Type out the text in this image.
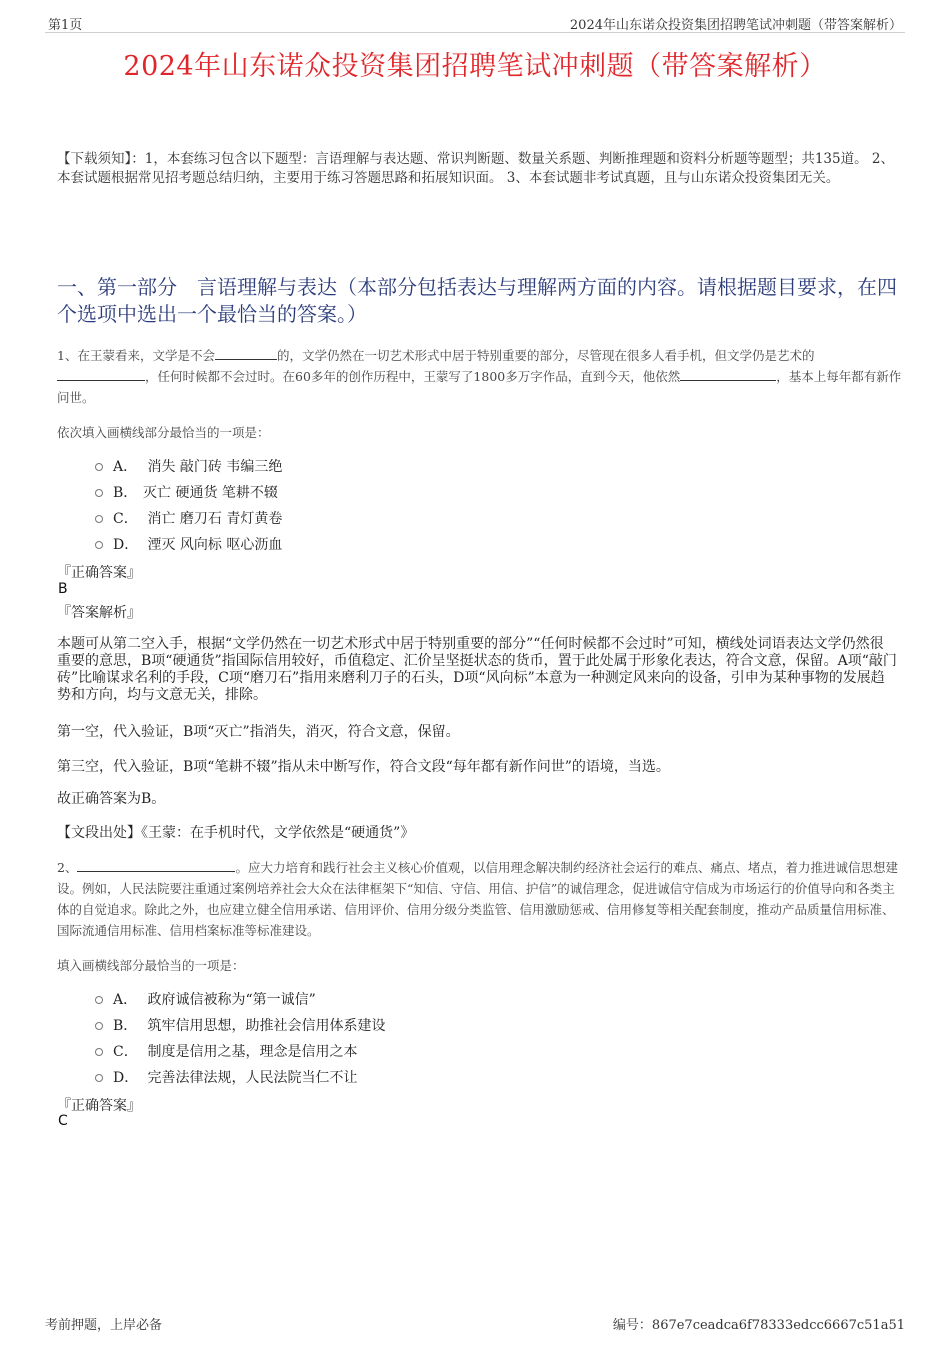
第1页	2024年山东诺众投资集团招聘笔试冲刺题（带答案解析）
2024年山东诺众投资集团招聘笔试冲刺题（带答案解析）
【下载须知】：1，本套练习包含以下题型：言语理解与表达题、常识判断题、数量关系题、判断推理题和资料分析题等题型；共135道。 2、本套试题根据常见招考题总结归纳，主要用于练习答题思路和拓展知识面。 3、本套试题非考试真题，且与山东诺众投资集团无关。
一、第一部分　言语理解与表达（本部分包括表达与理解两方面的内容。请根据题目要求，在四个选项中选出一个最恰当的答案。）
1、在王蒙看来，文学是不会	的，文学仍然在一切艺术形式中居于特别重要的部分，尽管现在很多人看手机，但文学仍是艺术的，任何时候都不会过时。在60多年的创作历程中，王蒙写了1800多万字作品，直到今天，他依然	，基本上每年都有新作问世。
依次填入画横线部分最恰当的一项是：
A． 消失 敲门砖 韦编三绝
B． 灭亡 硬通货 笔耕不辍
C． 消亡 磨刀石 青灯黄卷
D． 湮灭 风向标 呕心沥血
『正确答案』
B
『答案解析』
本题可从第二空入手，根据“文学仍然在一切艺术形式中居于特别重要的部分”“任何时候都不会过时”可知，横线处词语表达文学仍然很重要的意思，B项“硬通货”指国际信用较好，币值稳定、汇价呈坚挺状态的货币，置于此处属于形象化表达，符合文意，保留。A项“敲门砖”比喻谋求名利的手段，C项“磨刀石”指用来磨利刀子的石头，D项“风向标”本意为一种测定风来向的设备，引申为某种事物的发展趋势和方向，均与文意无关，排除。
第一空，代入验证，B项“灭亡”指消失，消灭，符合文意，保留。
第三空，代入验证，B项“笔耕不辍”指从未中断写作，符合文段“每年都有新作问世”的语境，当选。
故正确答案为B。
【文段出处】《王蒙：在手机时代，文学依然是“硬通货”》
2、	。应大力培育和践行社会主义核心价值观，以信用理念解决制约经济社会运行的难点、痛点、堵点，着力推进诚信思想建设。例如，人民法院要注重通过案例培养社会大众在法律框架下“知信、守信、用信、护信”的诚信理念，促进诚信守信成为市场运行的价值导向和各类主体的自觉追求。除此之外，也应建立健全信用承诺、信用评价、信用分级分类监管、信用激励惩戒、信用修复等相关配套制度，推动产品质量信用标准、国际流通信用标准、信用档案标准等标准建设。
填入画横线部分最恰当的一项是：
A． 政府诚信被称为“第一诚信”
B． 筑牢信用思想，助推社会信用体系建设
C． 制度是信用之基，理念是信用之本
D． 完善法律法规，人民法院当仁不让
『正确答案』
C
考前押题，上岸必备	编号：867e7ceadca6f78333edcc6667c51a51
